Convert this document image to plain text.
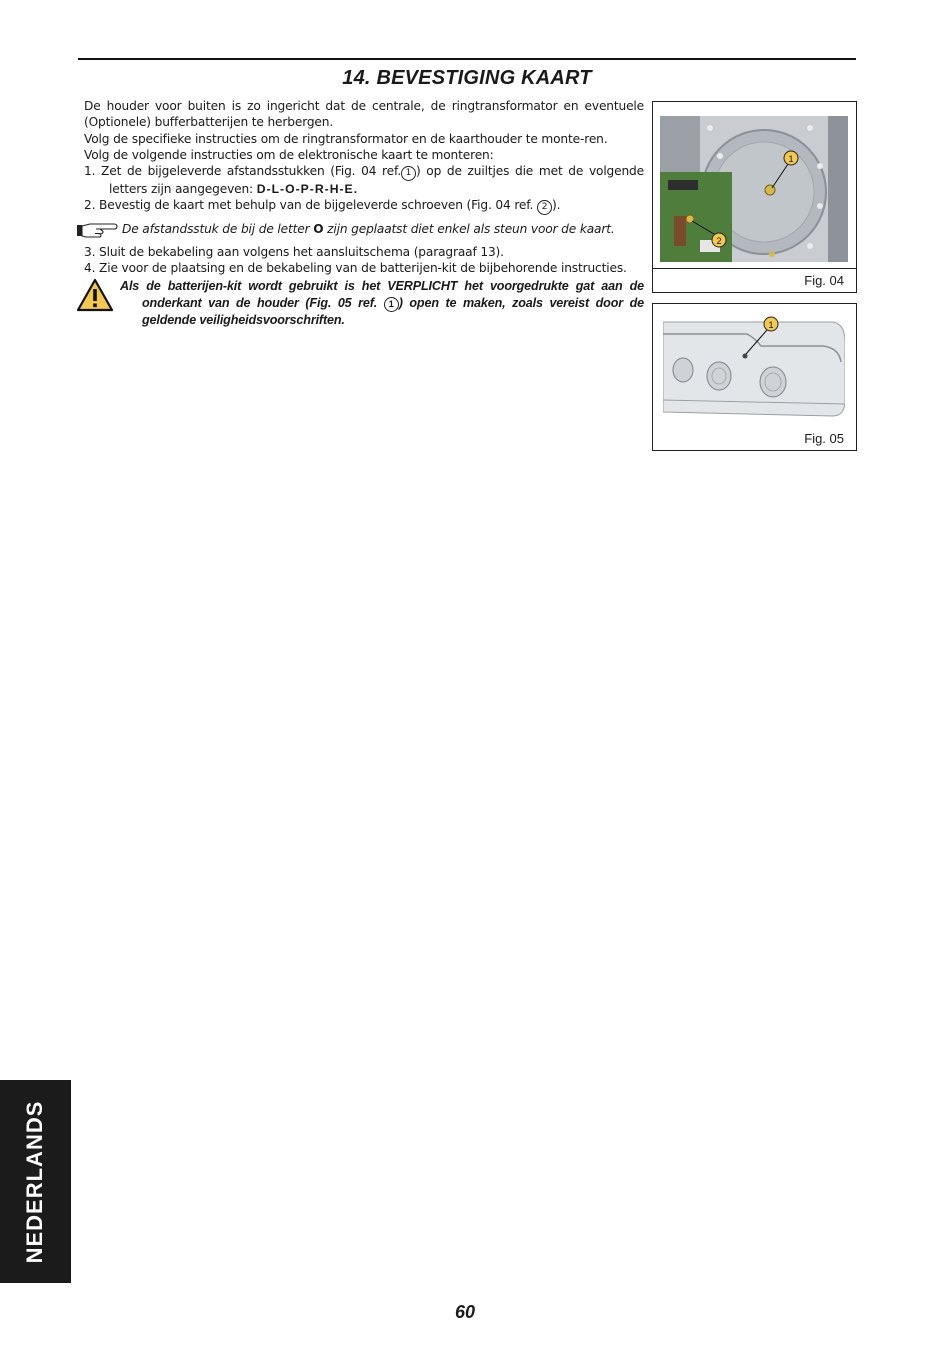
14. BEVESTIGING KAART

De houder voor buiten is zo ingericht dat de centrale, de ringtransformator en eventuele (Optionele) bufferbatterijen te herbergen.

Volg de specifieke instructies om de ringtransformator en de kaarthouder te monte-ren.

Volg de volgende instructies om de elektronische kaart te monteren:

1. Zet de bijgeleverde afstandsstukken (Fig. 04 ref. 1 ) op de zuiltjes die met de volgende letters zijn aangegeven: D-L-O-P-R-H-E.

2. Bevestig de kaart met behulp van de bijgeleverde schroeven (Fig. 04 ref. 2 ).

De afstandsstuk de bij de letter O zijn geplaatst diet enkel als steun voor de kaart.

3. Sluit de bekabeling aan volgens het aansluitschema (paragraaf 13).

4. Zie voor de plaatsing en de bekabeling van de batterijen-kit de bijbehorende instructies.

Als de batterijen-kit wordt gebruikt is het VERPLICHT het voorgedrukte gat aan de onderkant van de houder (Fig. 05 ref. 1 ) open te maken, zoals vereist door de geldende veiligheidsvoorschriften.

1
2
Fig. 04
1
Fig. 05
NEDERLANDS
60
